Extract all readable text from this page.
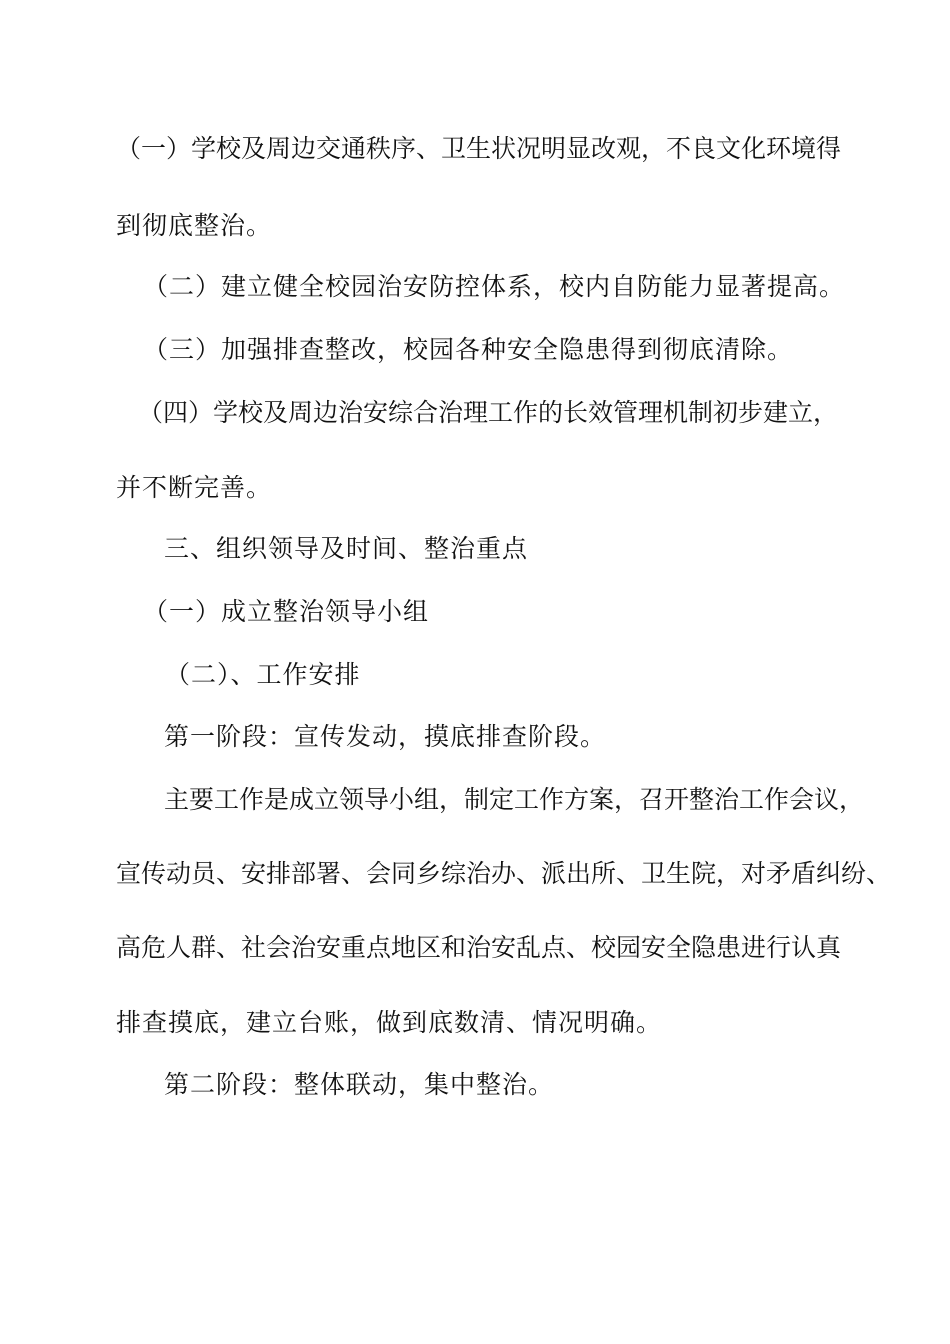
（一）学校及周边交通秩序、卫生状况明显改观，不良文化环境得
到彻底整治。
（二）建立健全校园治安防控体系，校内自防能力显著提高。
（三）加强排查整改，校园各种安全隐患得到彻底清除。
（四）学校及周边治安综合治理工作的长效管理机制初步建立，
并不断完善。
三、组织领导及时间、整治重点
（一）成立整治领导小组
（二）、工作安排
第一阶段：宣传发动，摸底排查阶段。
主要工作是成立领导小组，制定工作方案，召开整治工作会议，
宣传动员、安排部署、会同乡综治办、派出所、卫生院，对矛盾纠纷、
高危人群、社会治安重点地区和治安乱点、校园安全隐患进行认真
排查摸底，建立台账，做到底数清、情况明确。
第二阶段：整体联动，集中整治。
